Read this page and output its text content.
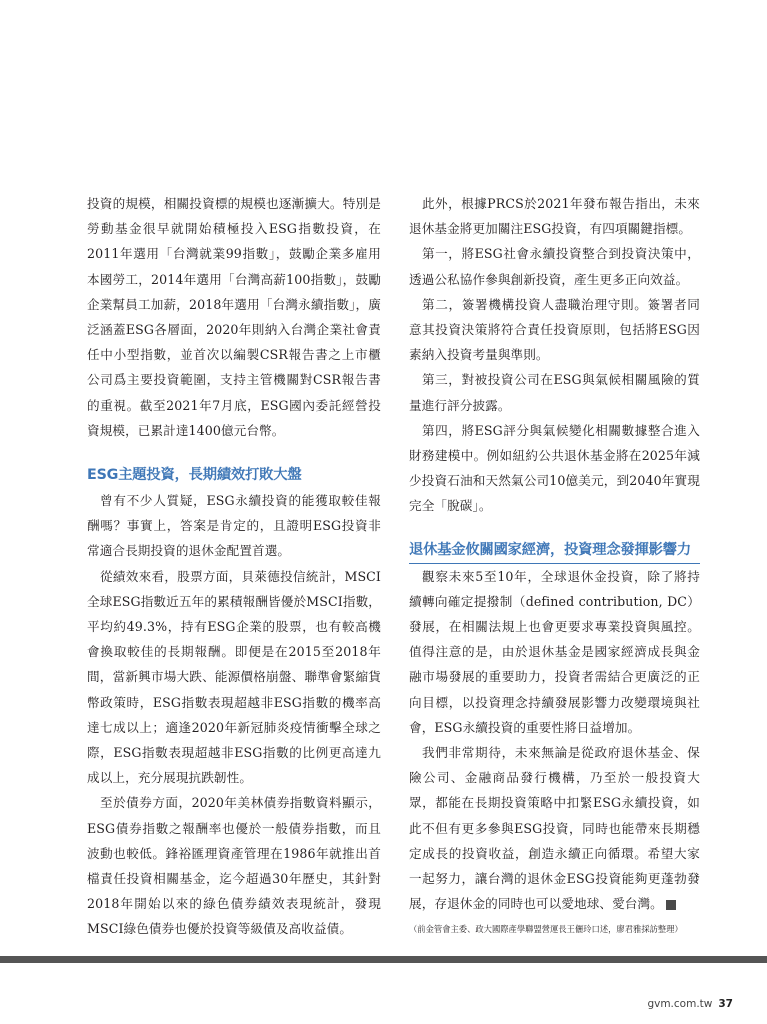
投資的規模，相關投資標的規模也逐漸擴大。特別是勞動基金很早就開始積極投入ESG指數投資，在2011年選用「台灣就業99指數」，鼓勵企業多雇用本國勞工，2014年選用「台灣高薪100指數」，鼓勵企業幫員工加薪，2018年選用「台灣永續指數」，廣泛涵蓋ESG各層面，2020年則納入台灣企業社會責任中小型指數，並首次以編製CSR報告書之上市櫃公司爲主要投資範圍，支持主管機關對CSR報告書的重視。截至2021年7月底，ESG國內委託經營投資規模，已累計達1400億元台幣。

ESG主題投資，長期績效打敗大盤

曾有不少人質疑，ESG永續投資的能獲取較佳報酬嗎？事實上，答案是肯定的，且證明ESG投資非常適合長期投資的退休金配置首選。

從績效來看，股票方面，貝萊德投信統計，MSCI全球ESG指數近五年的累積報酬皆優於MSCI指數，平均約49.3%，持有ESG企業的股票，也有較高機會換取較佳的長期報酬。即便是在2015至2018年間，當新興市場大跌、能源價格崩盤、聯準會緊縮貨幣政策時，ESG指數表現超越非ESG指數的機率高達七成以上；適逢2020年新冠肺炎疫情衝擊全球之際，ESG指數表現超越非ESG指數的比例更高達九成以上，充分展現抗跌韌性。

至於債券方面，2020年美林債券指數資料顯示，ESG債券指數之報酬率也優於一般債券指數，而且波動也較低。鋒裕匯理資產管理在1986年就推出首檔責任投資相關基金，迄今超過30年歷史，其針對2018年開始以來的綠色債券績效表現統計，發現MSCI綠色債券也優於投資等級債及高收益債。

此外，根據PRCS於2021年發布報告指出，未來退休基金將更加關注ESG投資，有四項關鍵指標。

第一，將ESG社會永續投資整合到投資決策中，透過公私協作參與創新投資，產生更多正向效益。

第二，簽署機構投資人盡職治理守則。簽署者同意其投資決策將符合責任投資原則，包括將ESG因素納入投資考量與準則。

第三，對被投資公司在ESG與氣候相關風險的質量進行評分披露。

第四，將ESG評分與氣候變化相關數據整合進入財務建模中。例如紐約公共退休基金將在2025年減少投資石油和天然氣公司10億美元，到2040年實現完全「脫碳」。

退休基金攸關國家經濟，投資理念發揮影響力

觀察未來5至10年，全球退休金投資，除了將持續轉向確定提撥制（defined contribution, DC）發展，在相關法規上也會更要求專業投資與風控。值得注意的是，由於退休基金是國家經濟成長與金融市場發展的重要助力，投資者需結合更廣泛的正向目標，以投資理念持續發展影響力改變環境與社會，ESG永續投資的重要性將日益增加。

我們非常期待，未來無論是從政府退休基金、保險公司、金融商品發行機構，乃至於一般投資大眾，都能在長期投資策略中扣緊ESG永續投資，如此不但有更多參與ESG投資，同時也能帶來長期穩定成長的投資收益，創造永續正向循環。希望大家一起努力，讓台灣的退休金ESG投資能夠更蓬勃發展，存退休金的同時也可以愛地球、愛台灣。 G

（前金管會主委、政大國際產學聯盟營運長王儷玲口述，廖君雅採訪整理）
gvm.com.tw 37
